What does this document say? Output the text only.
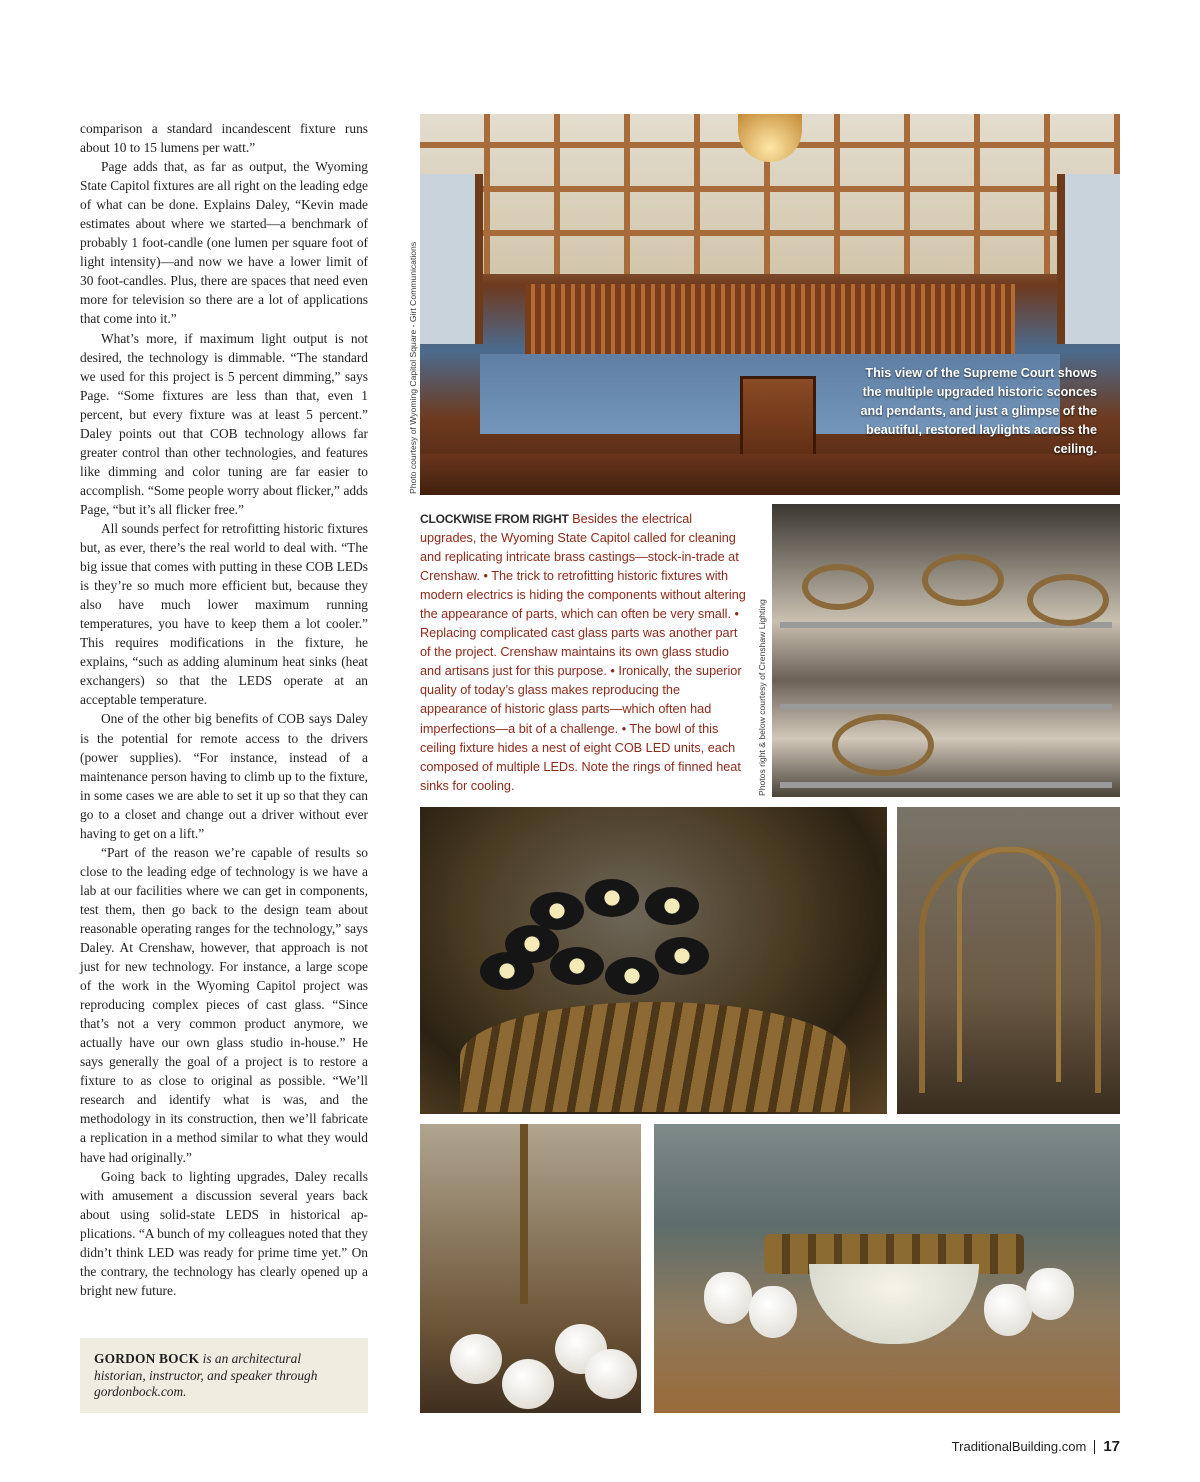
comparison a standard incandescent fixture runs about 10 to 15 lumens per watt.”

Page adds that, as far as output, the Wyoming State Capitol fixtures are all right on the leading edge of what can be done. Explains Daley, “Kevin made estimates about where we started—a benchmark of probably 1 foot-candle (one lumen per square foot of light intensity)—and now we have a lower limit of 30 foot-candles. Plus, there are spaces that need even more for television so there are a lot of applications that come into it.”

What’s more, if maximum light output is not desired, the technology is dimmable. “The standard we used for this project is 5 percent dimming,” says Page. “Some fixtures are less than that, even 1 percent, but every fixture was at least 5 percent.” Daley points out that COB technology allows far greater control than other technologies, and features like dimming and color tuning are far easier to accomplish. “Some people worry about flicker,” adds Page, “but it’s all flicker free.”

All sounds perfect for retrofitting historic fixtures but, as ever, there’s the real world to deal with. “The big issue that comes with putting in these COB LEDs is they’re so much more efficient but, because they also have much lower maximum running temperatures, you have to keep them a lot cooler.” This requires modifications in the fixture, he explains, “such as adding aluminum heat sinks (heat exchangers) so that the LEDS operate at an acceptable temperature.

One of the other big benefits of COB says Daley is the potential for remote access to the drivers (power supplies). “For instance, instead of a maintenance person having to climb up to the fixture, in some cases we are able to set it up so that they can go to a closet and change out a driver without ever having to get on a lift.”

“Part of the reason we’re capable of results so close to the leading edge of technology is we have a lab at our facilities where we can get in components, test them, then go back to the design team about reasonable operating ranges for the technology,” says Daley. At Crenshaw, however, that approach is not just for new technology. For instance, a large scope of the work in the Wyoming Capitol project was reproducing complex pieces of cast glass. “Since that’s not a very common product anymore, we actually have our own glass studio in-house.” He says generally the goal of a project is to restore a fixture to as close to original as possible. “We’ll research and identify what is was, and the methodology in its construction, then we’ll fabricate a replication in a method similar to what they would have had originally.”

Going back to lighting upgrades, Daley recalls with amusement a discussion several years back about using solid-state LEDS in historical applications. “A bunch of my colleagues noted that they didn’t think LED was ready for prime time yet.” On the contrary, the technology has clearly opened up a bright new future.

GORDON BOCK is an architectural historian, instructor, and speaker through gordonbock.com.
Photo courtesy of Wyoming Capitol Square - Girt Communications
Photos right & below courtesy of Crenshaw Lighting
This view of the Supreme Court shows the multiple upgraded historic sconces and pendants, and just a glimpse of the beautiful, restored laylights across the ceiling.
CLOCKWISE FROM RIGHT Besides the electrical upgrades, the Wyoming State Capitol called for cleaning and replicating intricate brass castings—stock-in-trade at Crenshaw. • The trick to retrofitting historic fixtures with modern electrics is hiding the components without altering the appearance of parts, which can often be very small. • Replacing complicated cast glass parts was another part of the project. Crenshaw maintains its own glass studio and artisans just for this purpose. • Ironically, the superior quality of today’s glass makes reproducing the appearance of historic glass parts—which often had imperfections—a bit of a challenge. • The bowl of this ceiling fixture hides a nest of eight COB LED units, each composed of multiple LEDs. Note the rings of finned heat sinks for cooling.
TraditionalBuilding.com 17
